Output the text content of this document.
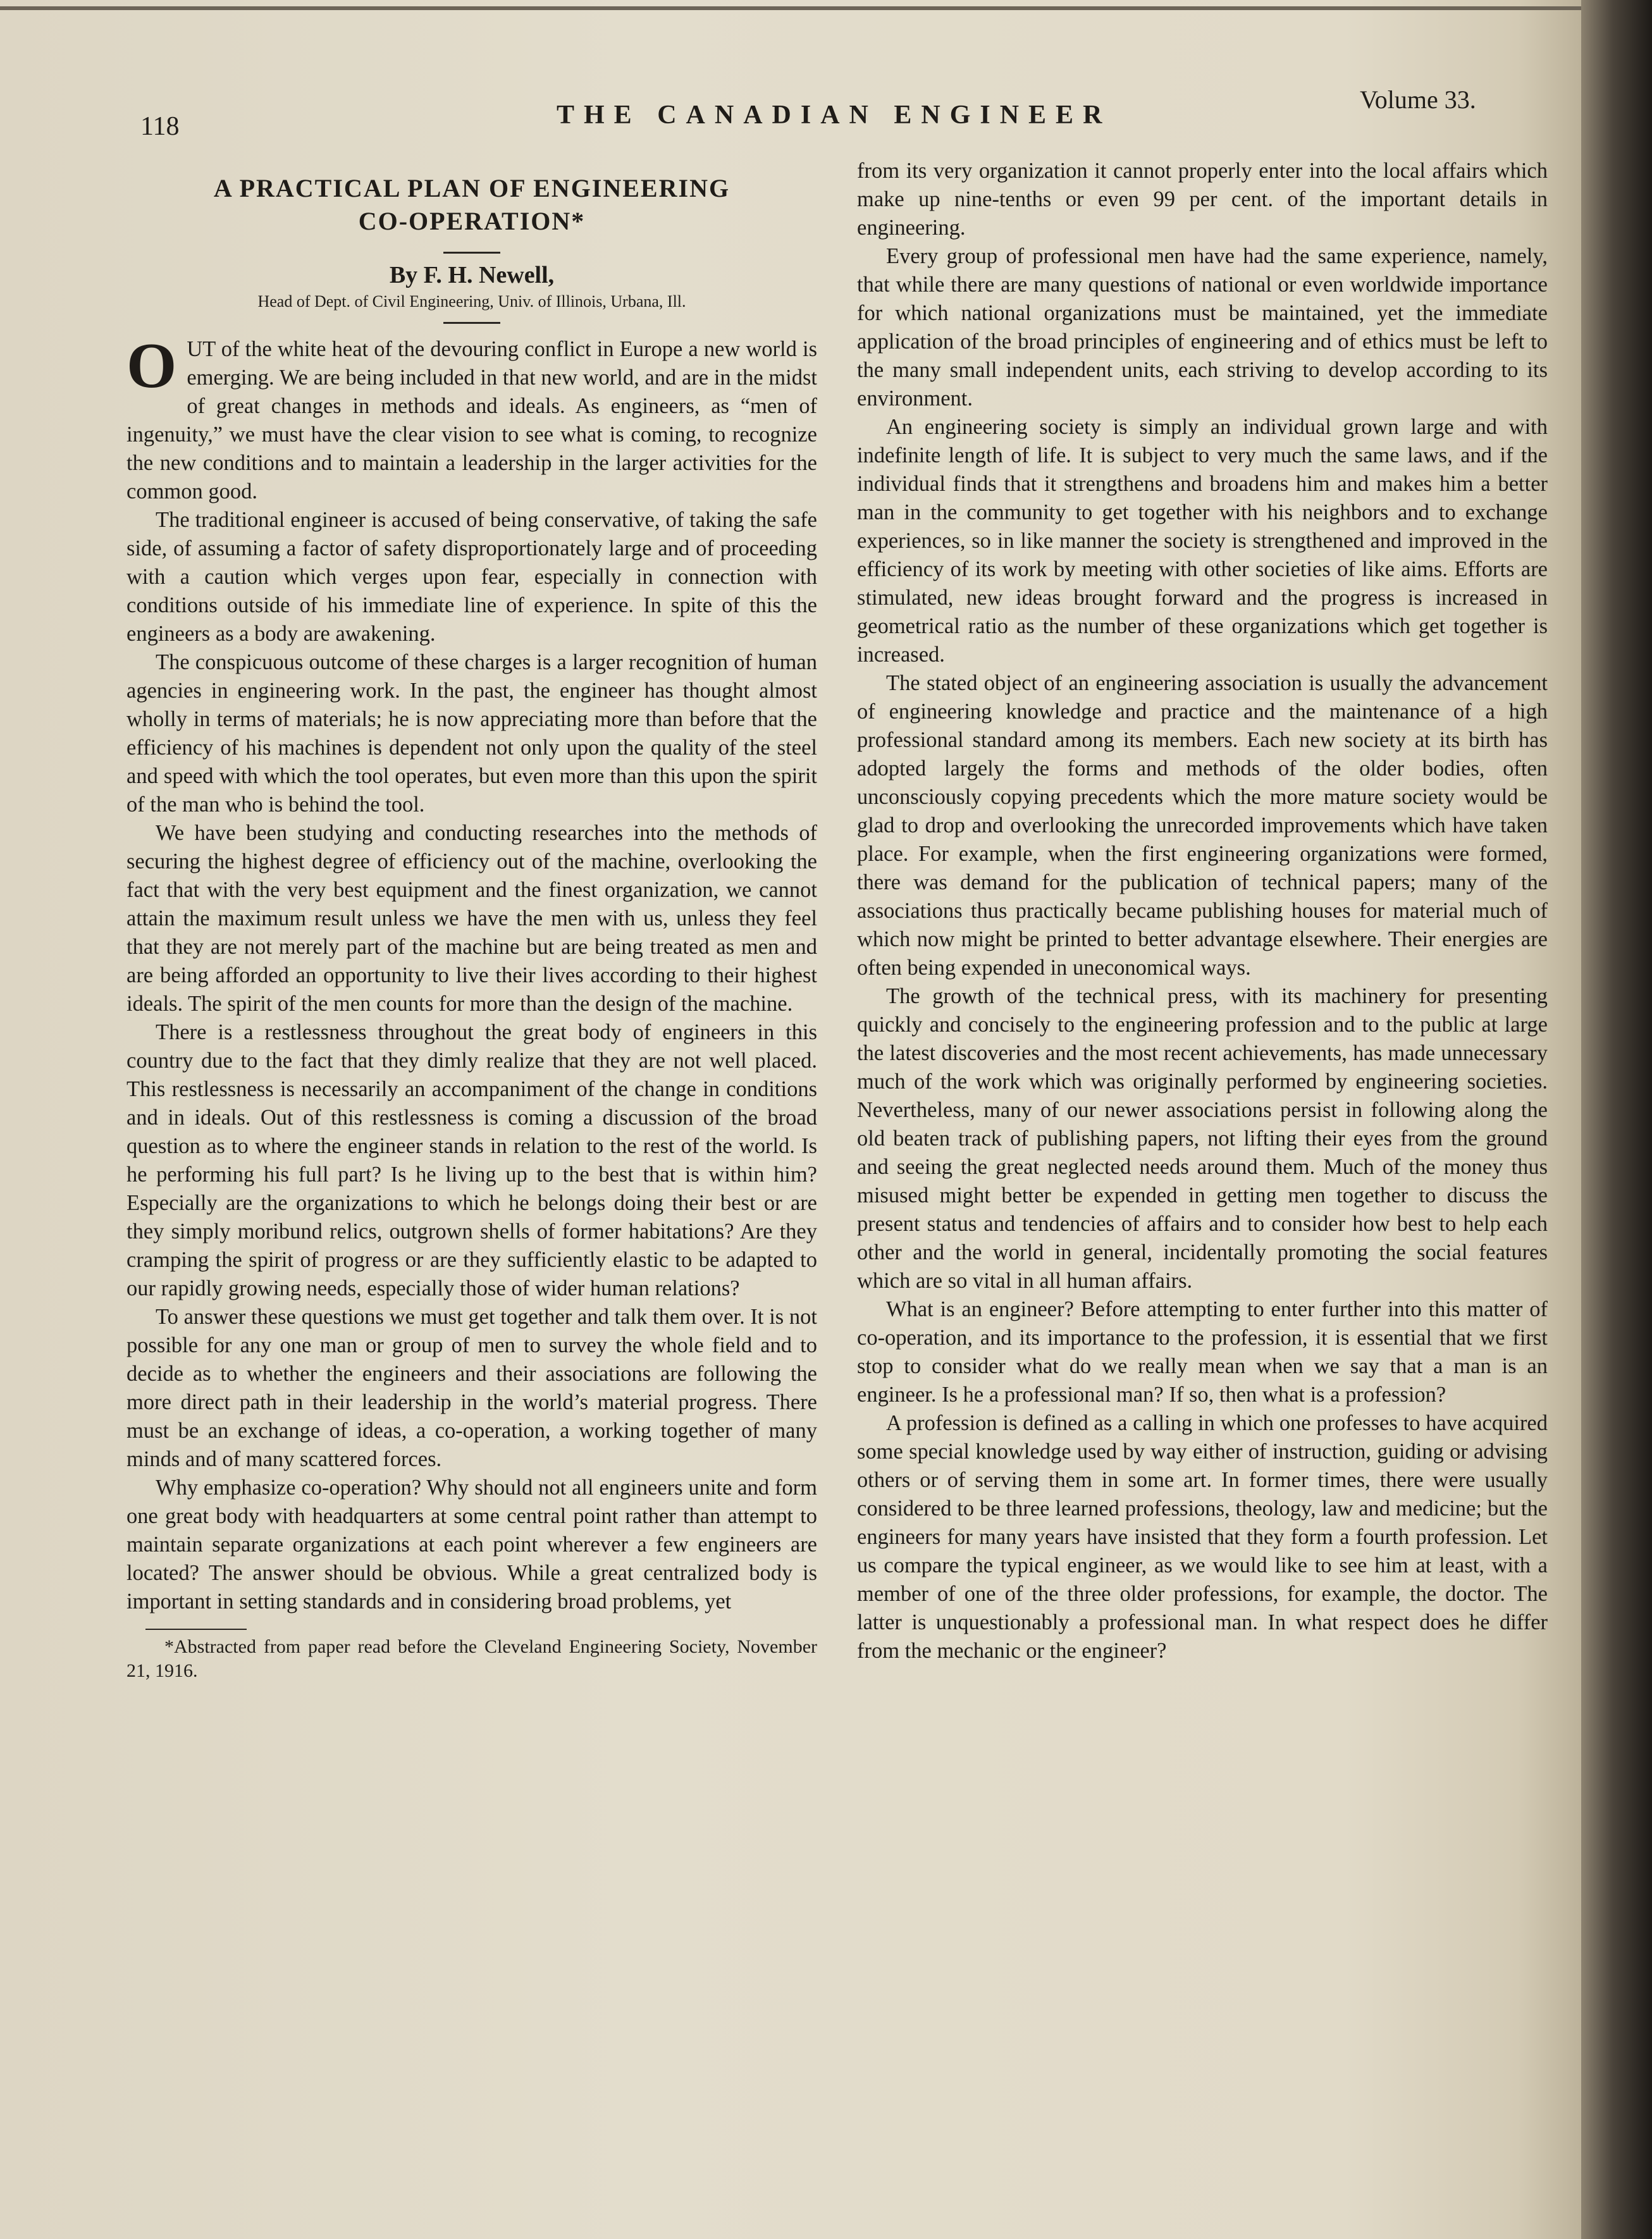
118	THE CANADIAN ENGINEER
Volume 33.

A PRACTICAL PLAN OF ENGINEERING

CO-OPERATION*

By F. H. Newell,

Head of Dept. of Civil Engineering, Univ. of Illinois, Urbana, Ill.

OUT of the white heat of the devouring conflict in Europe a new world is emerging. We are being included in that new world, and are in the midst of great changes in methods and ideals. As engineers, as “men of ingenuity,” we must have the clear vision to see what is coming, to recognize the new conditions and to maintain a leadership in the larger activities for the common good.

The traditional engineer is accused of being conservative, of taking the safe side, of assuming a factor of safety disproportionately large and of proceeding with a caution which verges upon fear, especially in connection with conditions outside of his immediate line of experience. In spite of this the engineers as a body are awakening.

The conspicuous outcome of these charges is a larger recognition of human agencies in engineering work. In the past, the engineer has thought almost wholly in terms of materials; he is now appreciating more than before that the efficiency of his machines is dependent not only upon the quality of the steel and speed with which the tool operates, but even more than this upon the spirit of the man who is behind the tool.

We have been studying and conducting researches into the methods of securing the highest degree of efficiency out of the machine, overlooking the fact that with the very best equipment and the finest organization, we cannot attain the maximum result unless we have the men with us, unless they feel that they are not merely part of the machine but are being treated as men and are being afforded an opportunity to live their lives according to their highest ideals. The spirit of the men counts for more than the design of the machine.

There is a restlessness throughout the great body of engineers in this country due to the fact that they dimly realize that they are not well placed. This restlessness is necessarily an accompaniment of the change in conditions and in ideals. Out of this restlessness is coming a discussion of the broad question as to where the engineer stands in relation to the rest of the world. Is he performing his full part? Is he living up to the best that is within him? Especially are the organizations to which he belongs doing their best or are they simply moribund relics, outgrown shells of former habitations? Are they cramping the spirit of progress or are they sufficiently elastic to be adapted to our rapidly growing needs, especially those of wider human relations?

To answer these questions we must get together and talk them over. It is not possible for any one man or group of men to survey the whole field and to decide as to whether the engineers and their associations are following the more direct path in their leadership in the world’s material progress. There must be an exchange of ideas, a co-operation, a working together of many minds and of many scattered forces.

Why emphasize co-operation? Why should not all engineers unite and form one great body with headquarters at some central point rather than attempt to maintain separate organizations at each point wherever a few engineers are located? The answer should be obvious. While a great centralized body is important in setting standards and in considering broad problems, yet

*Abstracted from paper read before the Cleveland Engineering Society, November 21, 1916.

from its very organization it cannot properly enter into the local affairs which make up nine-tenths or even 99 per cent. of the important details in engineering.

Every group of professional men have had the same experience, namely, that while there are many questions of national or even worldwide importance for which national organizations must be maintained, yet the immediate application of the broad principles of engineering and of ethics must be left to the many small independent units, each striving to develop according to its environment.

An engineering society is simply an individual grown large and with indefinite length of life. It is subject to very much the same laws, and if the individual finds that it strengthens and broadens him and makes him a better man in the community to get together with his neighbors and to exchange experiences, so in like manner the society is strengthened and improved in the efficiency of its work by meeting with other societies of like aims. Efforts are stimulated, new ideas brought forward and the progress is increased in geometrical ratio as the number of these organizations which get together is increased.

The stated object of an engineering association is usually the advancement of engineering knowledge and practice and the maintenance of a high professional standard among its members. Each new society at its birth has adopted largely the forms and methods of the older bodies, often unconsciously copying precedents which the more mature society would be glad to drop and overlooking the unrecorded improvements which have taken place. For example, when the first engineering organizations were formed, there was demand for the publication of technical papers; many of the associations thus practically became publishing houses for material much of which now might be printed to better advantage elsewhere. Their energies are often being expended in uneconomical ways.

The growth of the technical press, with its machinery for presenting quickly and concisely to the engineering profession and to the public at large the latest discoveries and the most recent achievements, has made unnecessary much of the work which was originally performed by engineering societies. Nevertheless, many of our newer associations persist in following along the old beaten track of publishing papers, not lifting their eyes from the ground and seeing the great neglected needs around them. Much of the money thus misused might better be expended in getting men together to discuss the present status and tendencies of affairs and to consider how best to help each other and the world in general, incidentally promoting the social features which are so vital in all human affairs.

What is an engineer? Before attempting to enter further into this matter of co-operation, and its importance to the profession, it is essential that we first stop to consider what do we really mean when we say that a man is an engineer. Is he a professional man? If so, then what is a profession?

A profession is defined as a calling in which one professes to have acquired some special knowledge used by way either of instruction, guiding or advising others or of serving them in some art. In former times, there were usually considered to be three learned professions, theology, law and medicine; but the engineers for many years have insisted that they form a fourth profession. Let us compare the typical engineer, as we would like to see him at least, with a member of one of the three older professions, for example, the doctor. The latter is unquestionably a professional man. In what respect does he differ from the mechanic or the engineer?
